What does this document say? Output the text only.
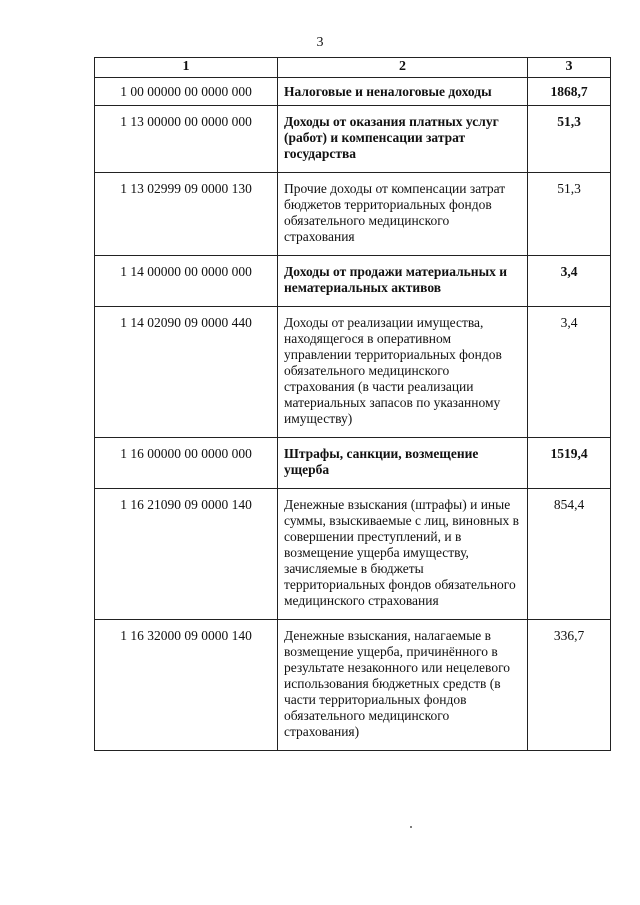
3
1	2	3
1 00 00000 00 0000 000	Налоговые и неналоговые доходы	1868,7
1 13 00000 00 0000 000	Доходы от оказания платных услуг (работ) и компенсации затрат государства	51,3
1 13 02999 09 0000 130	Прочие доходы от компенсации затрат бюджетов территориальных фондов обязательного медицинского страхования	51,3
1 14 00000 00 0000 000	Доходы от продажи материальных и нематериальных активов	3,4
1 14 02090 09 0000 440	Доходы от реализации имущества, находящегося в оперативном управлении территориальных фондов обязательного медицинского страхования (в части реализации материальных запасов по указанному имуществу)	3,4
1 16 00000 00 0000 000	Штрафы, санкции, возмещение ущерба	1519,4
1 16 21090 09 0000 140	Денежные взыскания (штрафы) и иные суммы, взыскиваемые с лиц, виновных в совершении преступлений, и в возмещение ущерба имуществу, зачисляемые в бюджеты территориальных фондов обязательного медицинского страхования	854,4
1 16 32000 09 0000 140	Денежные взыскания, налагаемые в возмещение ущерба, причинённого в результате незаконного или нецелевого использования бюджетных средств (в части территориальных фондов обязательного медицинского страхования)	336,7
